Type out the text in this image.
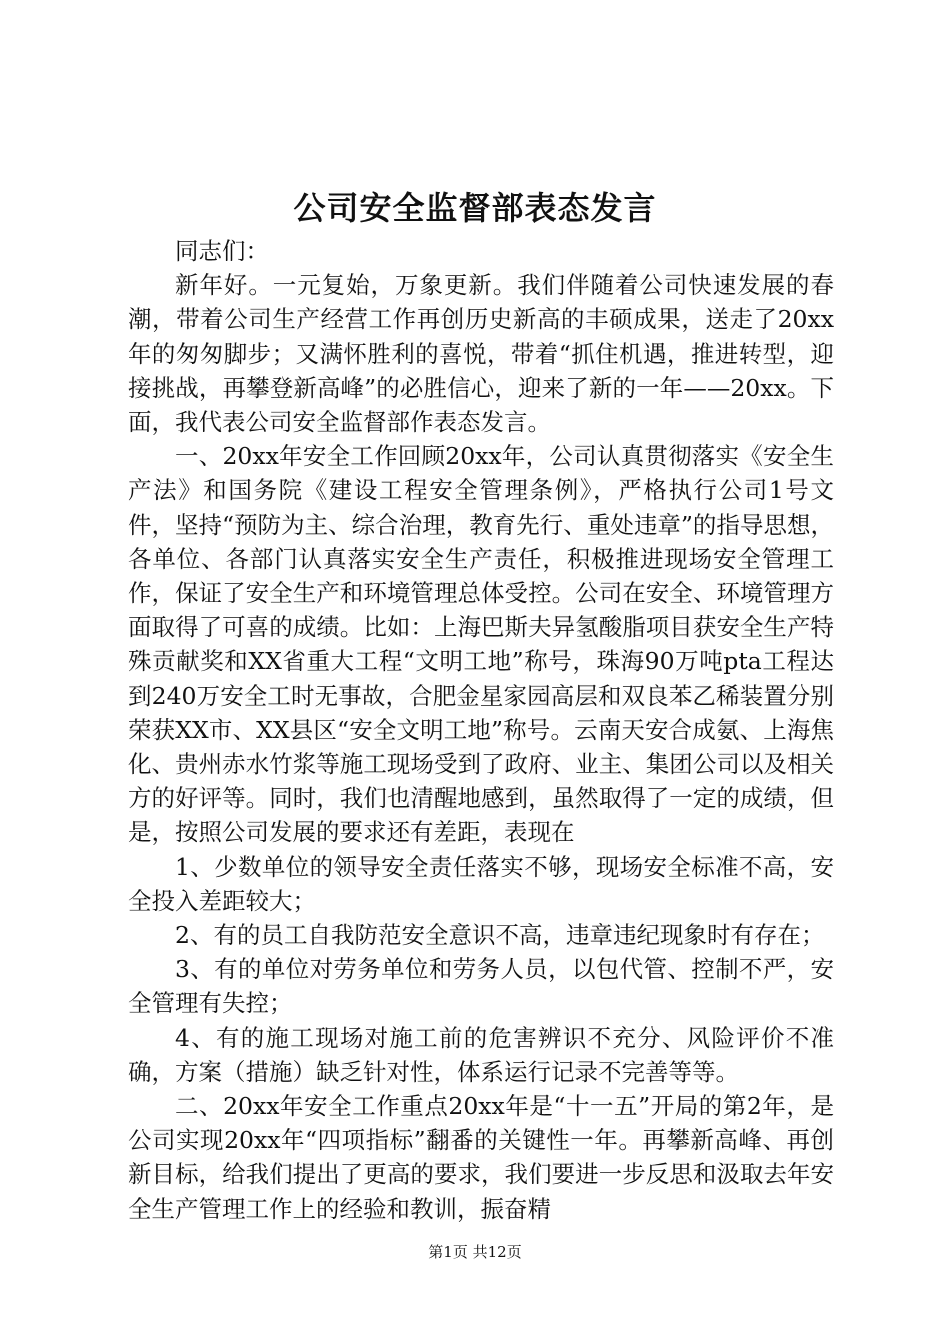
公司安全监督部表态发言

同志们：

新年好。一元复始，万象更新。我们伴随着公司快速发展的春潮，带着公司生产经营工作再创历史新高的丰硕成果，送走了20xx年的匆匆脚步；又满怀胜利的喜悦，带着“抓住机遇，推进转型，迎接挑战，再攀登新高峰”的必胜信心，迎来了新的一年——20xx。下面，我代表公司安全监督部作表态发言。

一、20xx年安全工作回顾20xx年，公司认真贯彻落实《安全生产法》和国务院《建设工程安全管理条例》，严格执行公司1号文件，坚持“预防为主、综合治理，教育先行、重处违章”的指导思想，各单位、各部门认真落实安全生产责任，积极推进现场安全管理工作，保证了安全生产和环境管理总体受控。公司在安全、环境管理方面取得了可喜的成绩。比如：上海巴斯夫异氢酸脂项目获安全生产特殊贡献奖和XX省重大工程“文明工地”称号，珠海90万吨pta工程达到240万安全工时无事故，合肥金星家园高层和双良苯乙稀装置分别荣获XX市、XX县区“安全文明工地”称号。云南天安合成氨、上海焦化、贵州赤水竹浆等施工现场受到了政府、业主、集团公司以及相关方的好评等。同时，我们也清醒地感到，虽然取得了一定的成绩，但是，按照公司发展的要求还有差距，表现在

1、少数单位的领导安全责任落实不够，现场安全标准不高，安全投入差距较大；

2、有的员工自我防范安全意识不高，违章违纪现象时有存在；

3、有的单位对劳务单位和劳务人员，以包代管、控制不严，安全管理有失控；

4、有的施工现场对施工前的危害辨识不充分、风险评价不准确，方案（措施）缺乏针对性，体系运行记录不完善等等。

二、20xx年安全工作重点20xx年是“十一五”开局的第2年，是公司实现20xx年“四项指标”翻番的关键性一年。再攀新高峰、再创新目标，给我们提出了更高的要求，我们要进一步反思和汲取去年安全生产管理工作上的经验和教训，振奋精

第1页 共12页
